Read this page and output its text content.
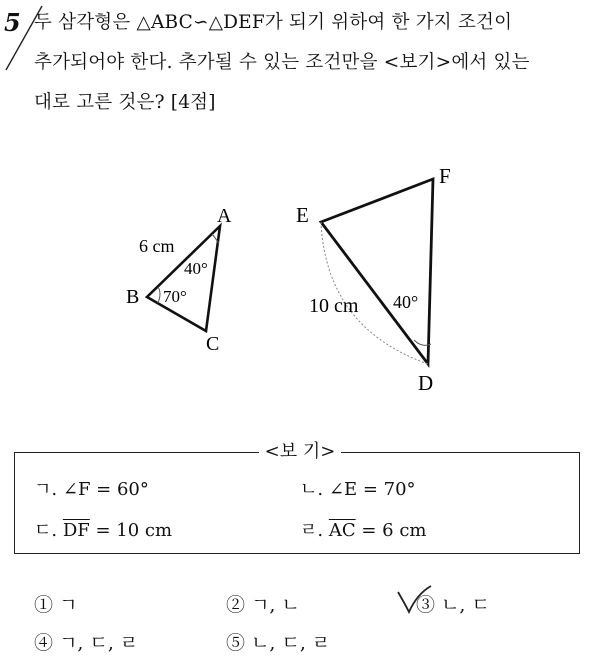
5 두 삼각형은 △ABC∽△DEF가 되기 위하여 한 가지 조건이
추가되어야 한다. 추가될 수 있는 조건만을 <보기>에서 있는
대로 고른 것은? [4점]
A
B
C
6 cm
40°
70°
E
F
D
10 cm 40°
<보 기>
ㄱ. ∠F = 60°	ㄴ. ∠E = 70°
ㄷ. $\overline{DF} = 10$ cm	ㄹ. $\overline{AC} = 6$ cm
① ㄱ	② ㄱ, ㄴ	③ ㄴ, ㄷ
④ ㄱ, ㄷ, ㄹ	⑤ ㄴ, ㄷ, ㄹ
